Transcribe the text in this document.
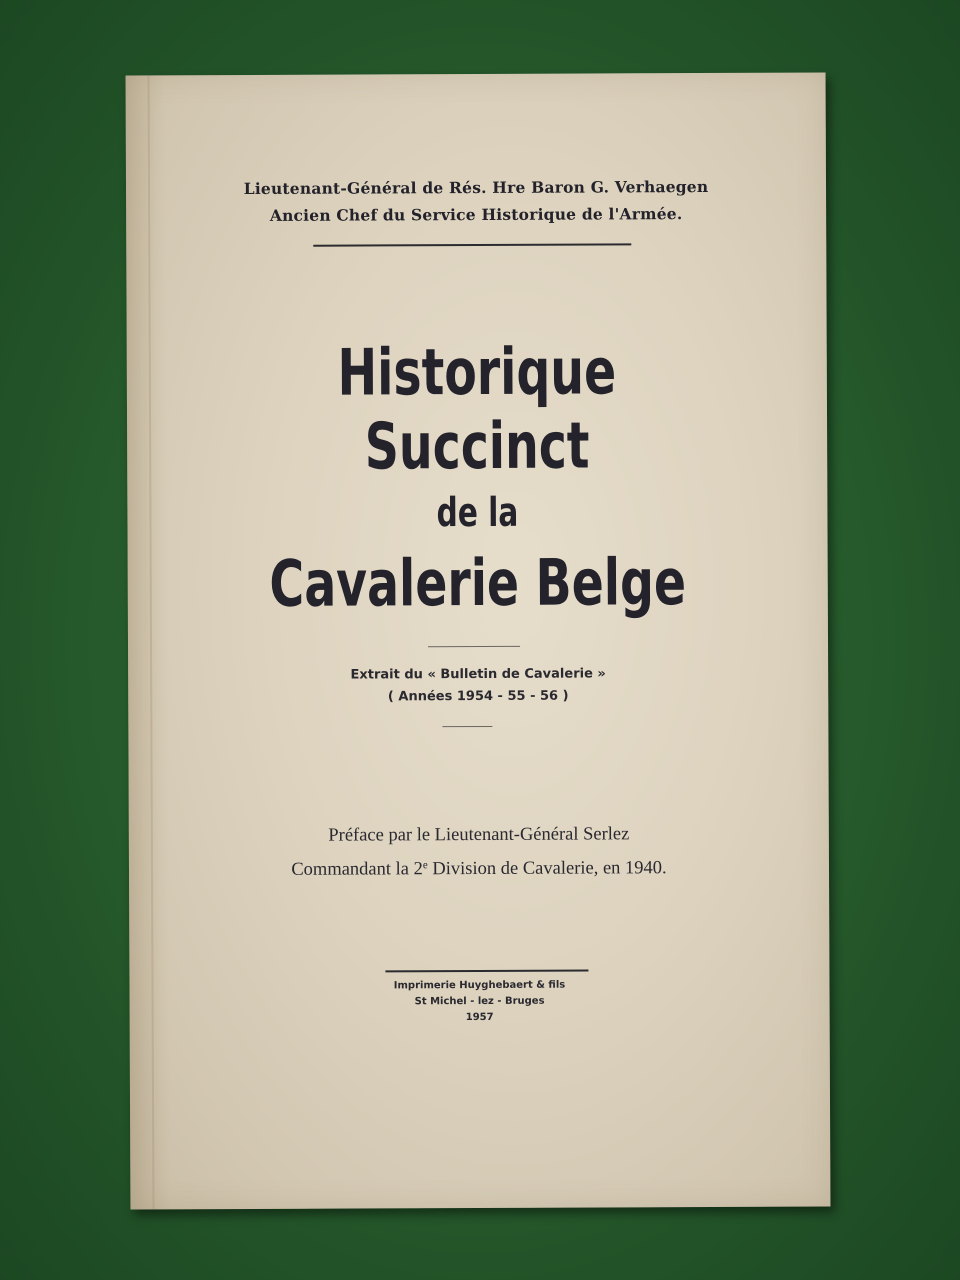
Lieutenant-Général de Rés. Hre Baron G. Verhaegen
Ancien Chef du Service Historique de l'Armée.
Historique Succinct
de la
Cavalerie Belge
Extrait du « Bulletin de Cavalerie »
( Années 1954 - 55 - 56 )
Préface par le Lieutenant-Général Serlez
Commandant la 2e Division de Cavalerie, en 1940.
Imprimerie Huyghebaert & fils
St Michel - lez - Bruges
1957
